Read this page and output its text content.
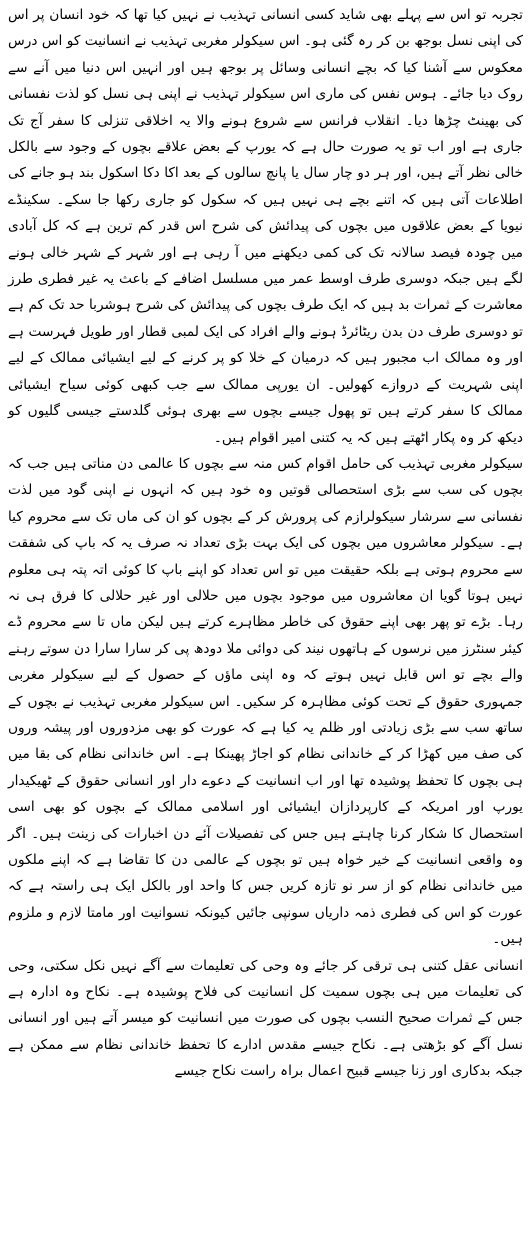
تجربہ تو اس سے پہلے بھی شاید کسی انسانی تہذیب نے نہیں کیا تھا کہ خود انسان پر اس کی اپنی نسل بوجھ بن کر رہ گئی ہو۔ اس سیکولر مغربی تہذیب نے انسانیت کو اس درس معکوس سے آشنا کیا کہ بچے انسانی وسائل پر بوجھ ہیں اور انہیں اس دنیا میں آنے سے روک دیا جائے۔ ہوس نفس کی ماری اس سیکولر تہذیب نے اپنی ہی نسل کو لذت نفسانی کی بھینٹ چڑھا دیا۔ انقلاب فرانس سے شروع ہونے والا یہ اخلاقی تنزلی کا سفر آج تک جاری ہے اور اب تو یہ صورت حال ہے کہ یورپ کے بعض علاقے بچوں کے وجود سے بالکل خالی نظر آتے ہیں، اور ہر دو چار سال یا پانچ سالوں کے بعد اکا دکا اسکول بند ہو جانے کی اطلاعات آتی ہیں کہ اتنے بچے ہی نہیں ہیں کہ سکول کو جاری رکھا جا سکے۔ سکینڈے نیویا کے بعض علاقوں میں بچوں کی پیدائش کی شرح اس قدر کم ترین ہے کہ کل آبادی میں چودہ فیصد سالانہ تک کی کمی دیکھنے میں آ رہی ہے اور شہر کے شہر خالی ہونے لگے ہیں جبکہ دوسری طرف اوسط عمر میں مسلسل اضافے کے باعث یہ غیر فطری طرز معاشرت کے ثمرات بد ہیں کہ ایک طرف بچوں کی پیدائش کی شرح ہوشربا حد تک کم ہے تو دوسری طرف دن بدن ریٹائرڈ ہونے والے افراد کی ایک لمبی قطار اور طویل فہرست ہے اور وہ ممالک اب مجبور ہیں کہ درمیان کے خلا کو پر کرنے کے لیے ایشیائی ممالک کے لیے اپنی شہریت کے دروازے کھولیں۔ ان یورپی ممالک سے جب کبھی کوئی سیاح ایشیائی ممالک کا سفر کرتے ہیں تو پھول جیسے بچوں سے بھری ہوئی گلدستے جیسی گلیوں کو دیکھ کر وہ پکار اٹھتے ہیں کہ یہ کتنی امیر اقوام ہیں۔

سیکولر مغربی تہذیب کی حامل اقوام کس منہ سے بچوں کا عالمی دن مناتی ہیں جب کہ بچوں کی سب سے بڑی استحصالی قوتیں وہ خود ہیں کہ انہوں نے اپنی گود میں لذت نفسانی سے سرشار سیکولرازم کی پرورش کر کے بچوں کو ان کی ماں تک سے محروم کیا ہے۔ سیکولر معاشروں میں بچوں کی ایک بہت بڑی تعداد نہ صرف یہ کہ باپ کی شفقت سے محروم ہوتی ہے بلکہ حقیقت میں تو اس تعداد کو اپنے باپ کا کوئی اتہ پتہ ہی معلوم نہیں ہوتا گویا ان معاشروں میں موجود بچوں میں حلالی اور غیر حلالی کا فرق ہی نہ رہا۔ بڑے تو پھر بھی اپنے حقوق کی خاطر مظاہرے کرتے ہیں لیکن ماں تا سے محروم ڈے کیئر سنٹرز میں نرسوں کے ہاتھوں نیند کی دوائی ملا دودھ پی کر سارا سارا دن سوتے رہنے والے بچے تو اس قابل نہیں ہوتے کہ وہ اپنی ماؤں کے حصول کے لیے سیکولر مغربی جمہوری حقوق کے تحت کوئی مظاہرہ کر سکیں۔ اس سیکولر مغربی تہذیب نے بچوں کے ساتھ سب سے بڑی زیادتی اور ظلم یہ کیا ہے کہ عورت کو بھی مزدوروں اور پیشہ وروں کی صف میں کھڑا کر کے خاندانی نظام کو اجاڑ پھینکا ہے۔ اس خاندانی نظام کی بقا میں ہی بچوں کا تحفظ پوشیدہ تھا اور اب انسانیت کے دعوے دار اور انسانی حقوق کے ٹھیکیدار یورپ اور امریکہ کے کارپردازان ایشیائی اور اسلامی ممالک کے بچوں کو بھی اسی استحصال کا شکار کرنا چاہتے ہیں جس کی تفصیلات آئے دن اخبارات کی زینت ہیں۔ اگر وہ واقعی انسانیت کے خیر خواہ ہیں تو بچوں کے عالمی دن کا تقاضا ہے کہ اپنے ملکوں میں خاندانی نظام کو از سر نو تازہ کریں جس کا واحد اور بالکل ایک ہی راستہ ہے کہ عورت کو اس کی فطری ذمہ داریاں سونپی جائیں کیونکہ نسوانیت اور مامتا لازم و ملزوم ہیں۔

انسانی عقل کتنی ہی ترقی کر جائے وہ وحی کی تعلیمات سے آگے نہیں نکل سکتی، وحی کی تعلیمات میں ہی بچوں سمیت کل انسانیت کی فلاح پوشیدہ ہے۔ نکاح وہ ادارہ ہے جس کے ثمرات صحیح النسب بچوں کی صورت میں انسانیت کو میسر آتے ہیں اور انسانی نسل آگے کو بڑھتی ہے۔ نکاح جیسے مقدس ادارے کا تحفظ خاندانی نظام سے ممکن ہے جبکہ بدکاری اور زنا جیسے قبیح اعمال براہ راست نکاح جیسے
